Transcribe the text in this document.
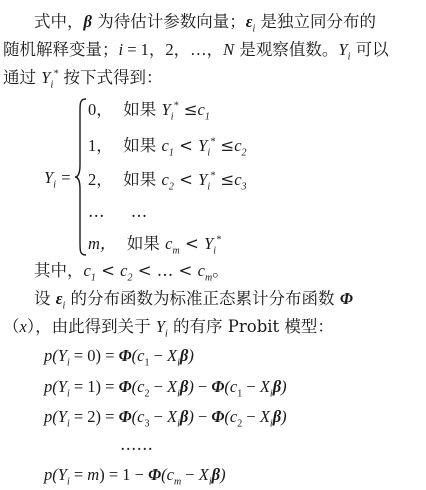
式中，β 为待估计参数向量；$\varepsilon_i$ 是独立同分布的
随机解释变量；i = 1，2，…，N 是观察值数。$Y_i$ 可以
通过 $Y_i^*$ 按下式得到：
$Y_i$ =
0， 如果 $Y_i^* \le c_1$
1， 如果 $c_1 < Y_i^* \le c_2$
2， 如果 $c_2 < Y_i^* \le c_3$
… …
m， 如果 $c_m < Y_i^*$
其中，$c_1 < c_2$ < … < $c_m$。
设 $\varepsilon_i$ 的分布函数为标准正态累计分布函数 Φ
（x），由此得到关于 $Y_i$ 的有序 Probit 模型：
$p(Y_i = 0) = \Phi(c_1 - X_i\beta)$
$p(Y_i = 1) = \Phi(c_2 - X_i\beta) - \Phi(c_1 - X_i\beta)$
$p(Y_i = 2) = \Phi(c_3 - X_i\beta) - \Phi(c_2 - X_i\beta)$
……
$p(Y_i = m) = 1 - \Phi(c_m - X_i\beta)$
